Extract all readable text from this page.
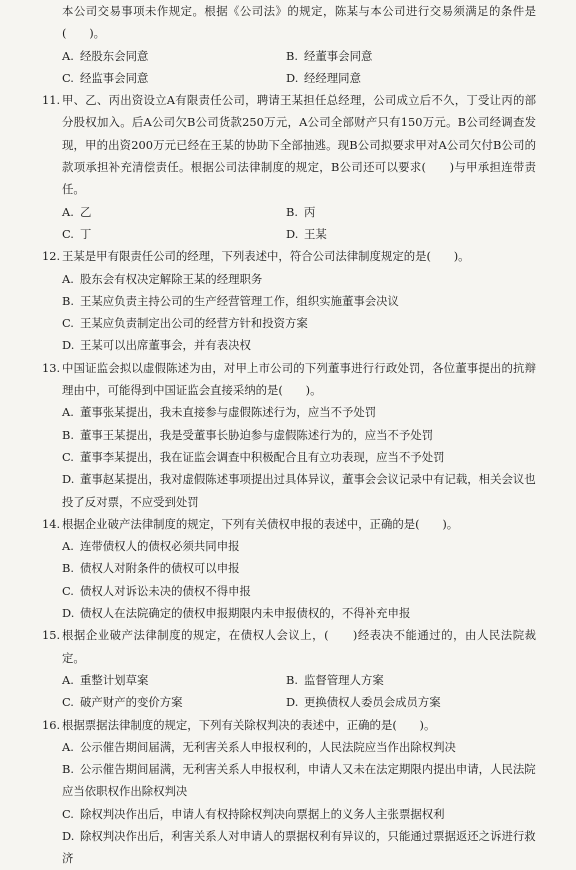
本公司交易事项未作规定。根据《公司法》的规定，陈某与本公司进行交易须满足的条件是(　　)。

A. 经股东会同意	B. 经董事会同意
C. 经监事会同意	D. 经经理同意
11. 甲、乙、丙出资设立A有限责任公司，聘请王某担任总经理，公司成立后不久，丁受让丙的部分股权加入。后A公司欠B公司货款250万元，A公司全部财产只有150万元。B公司经调查发现，甲的出资200万元已经在王某的协助下全部抽逃。现B公司拟要求甲对A公司欠付B公司的款项承担补充清偿责任。根据公司法律制度的规定，B公司还可以要求(　　)与甲承担连带责任。

A. 乙	B. 丙
C. 丁	D. 王某
12. 王某是甲有限责任公司的经理，下列表述中，符合公司法律制度规定的是(　　)。

A. 股东会有权决定解除王某的经理职务
B. 王某应负责主持公司的生产经营管理工作，组织实施董事会决议
C. 王某应负责制定出公司的经营方针和投资方案
D. 王某可以出席董事会，并有表决权
13. 中国证监会拟以虚假陈述为由，对甲上市公司的下列董事进行行政处罚，各位董事提出的抗辩理由中，可能得到中国证监会直接采纳的是(　　)。

A. 董事张某提出，我未直接参与虚假陈述行为，应当不予处罚
B. 董事王某提出，我是受董事长胁迫参与虚假陈述行为的，应当不予处罚
C. 董事李某提出，我在证监会调查中积极配合且有立功表现，应当不予处罚
D. 董事赵某提出，我对虚假陈述事项提出过具体异议，董事会会议记录中有记载，相关会议也投了反对票，不应受到处罚
14. 根据企业破产法律制度的规定，下列有关债权申报的表述中，正确的是(　　)。

A. 连带债权人的债权必须共同申报
B. 债权人对附条件的债权可以申报
C. 债权人对诉讼未决的债权不得申报
D. 债权人在法院确定的债权申报期限内未申报债权的，不得补充申报
15. 根据企业破产法律制度的规定，在债权人会议上，(　　)经表决不能通过的，由人民法院裁定。

A. 重整计划草案	B. 监督管理人方案
C. 破产财产的变价方案	D. 更换债权人委员会成员方案
16. 根据票据法律制度的规定，下列有关除权判决的表述中，正确的是(　　)。

A. 公示催告期间届满，无利害关系人申报权利的，人民法院应当作出除权判决
B. 公示催告期间届满，无利害关系人申报权利，申请人又未在法定期限内提出申请，人民法院应当依职权作出除权判决
C. 除权判决作出后，申请人有权持除权判决向票据上的义务人主张票据权利
D. 除权判决作出后，利害关系人对申请人的票据权利有异议的，只能通过票据返还之诉进行救济
